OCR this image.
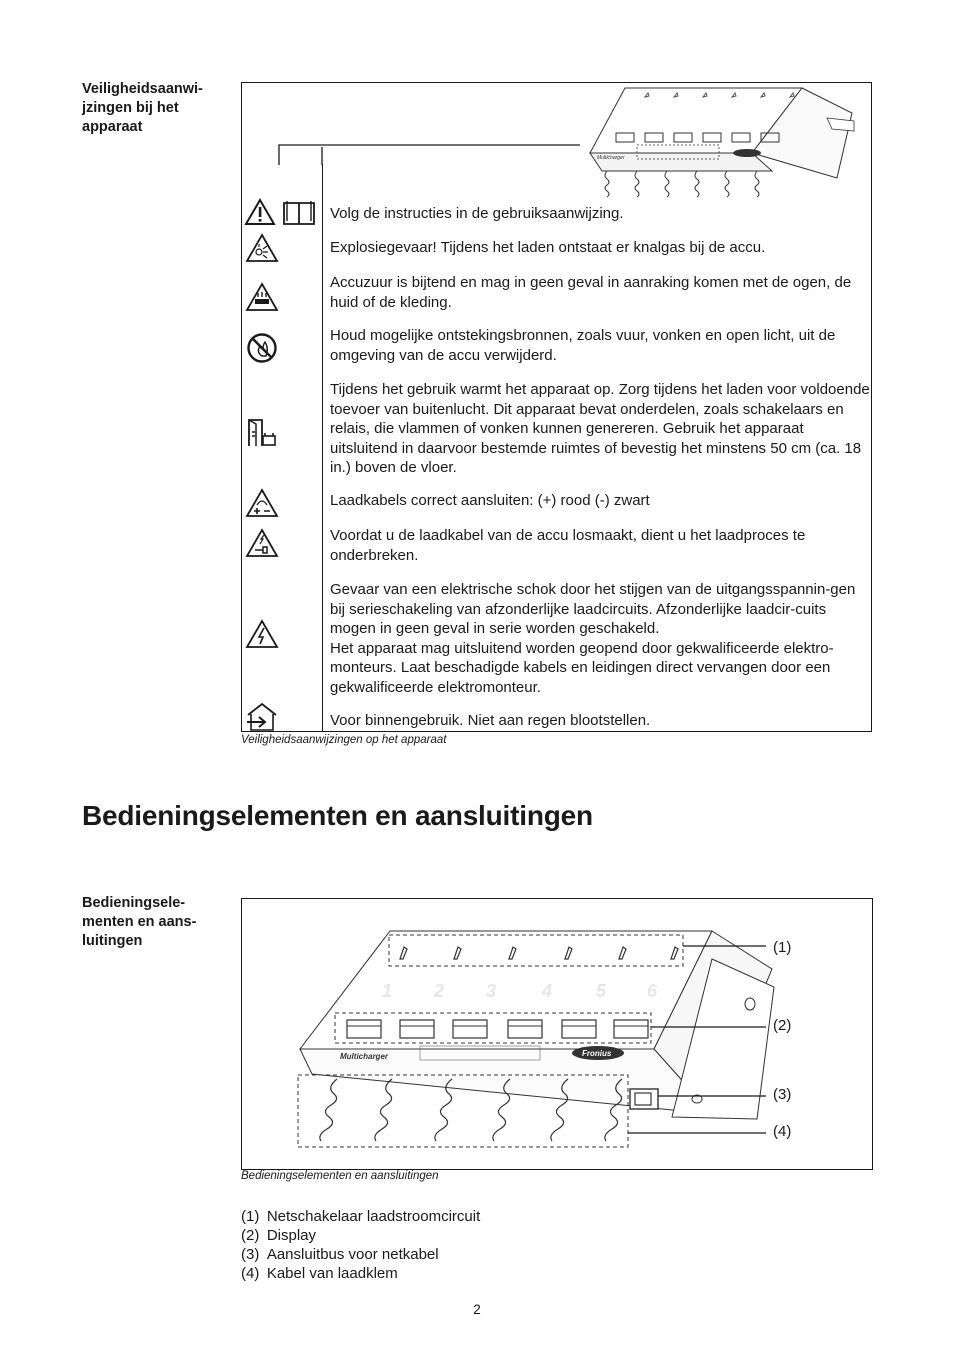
Veiligheidsaanwi-
jzingen bij het
apparaat
Multicharger
Volg de instructies in de gebruiksaanwijzing.
Explosiegevaar! Tijdens het laden ontstaat er knalgas bij de accu.
Accuzuur is bijtend en mag in geen geval in aanraking komen met de ogen, de huid of de kleding.
Houd mogelijke ontstekingsbronnen, zoals vuur, vonken en open licht, uit de omgeving van de accu verwijderd.
Tijdens het gebruik warmt het apparaat op. Zorg tijdens het laden voor voldoende toevoer van buitenlucht. Dit apparaat bevat onderdelen, zoals schakelaars en relais, die vlammen of vonken kunnen genereren. Gebruik het apparaat uitsluitend in daarvoor bestemde ruimtes of bevestig het minstens 50 cm (ca. 18 in.) boven de vloer.
Laadkabels correct aansluiten: (+) rood (-) zwart
Voordat u de laadkabel van de accu losmaakt, dient u het laadproces te onderbreken.
Gevaar van een elektrische schok door het stijgen van de uitgangsspannin-gen bij serieschakeling van afzonderlijke laadcircuits. Afzonderlijke laadcir-cuits mogen in geen geval in serie worden geschakeld.
Het apparaat mag uitsluitend worden geopend door gekwalificeerde elektro-monteurs. Laat beschadigde kabels en leidingen direct vervangen door een gekwalificeerde elektromonteur.
Voor binnengebruik. Niet aan regen blootstellen.
Veiligheidsaanwijzingen op het apparaat
Bedieningselementen en aansluitingen
Bedieningsele-
menten en aans-
luitingen
1 2 3	4 5 6
Multicharger	Fronius
(1)
(2)
(3)
(4)
Bedieningselementen en aansluitingen
(1) Netschakelaar laadstroomcircuit
(2) Display
(3) Aansluitbus voor netkabel
(4) Kabel van laadklem
2
